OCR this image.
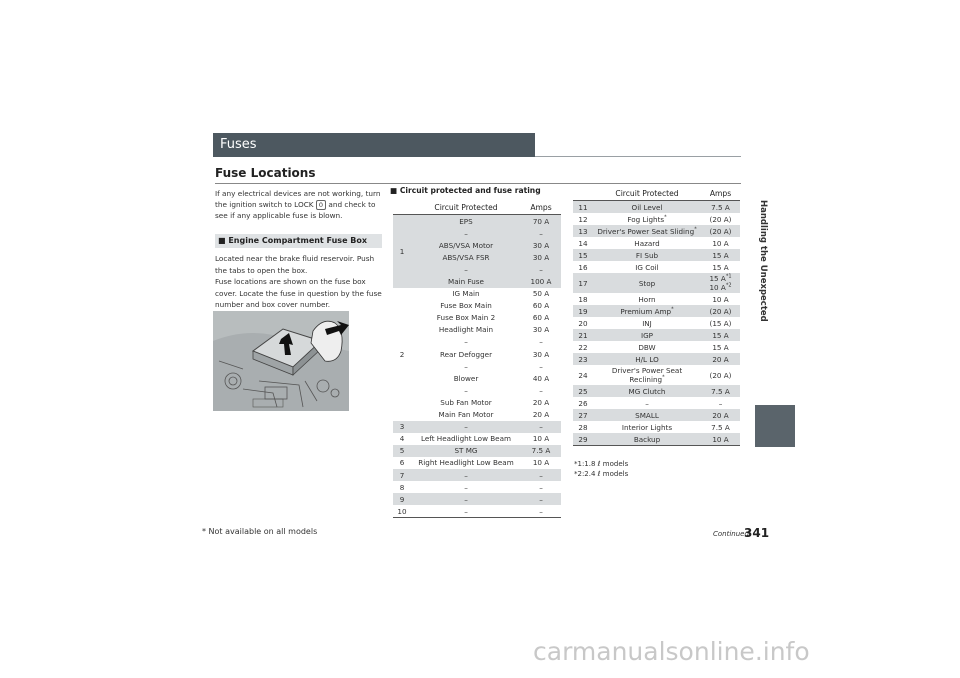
Fuses
Fuse Locations
If any electrical devices are not working, turn the ignition switch to LOCK 0 and check to see if any applicable fuse is blown.
■ Engine Compartment Fuse Box
Located near the brake fluid reservoir. Push the tabs to open the box.
Fuse locations are shown on the fuse box cover. Locate the fuse in question by the fuse number and box cover number.
■ Circuit protected and fuse rating
	Circuit Protected	Amps
1	EPS	70 A
	–	–
	ABS/VSA Motor	30 A
	ABS/VSA FSR	30 A
	–	–
	Main Fuse	100 A
2	IG Main	50 A
	Fuse Box Main	60 A
	Fuse Box Main 2	60 A
	Headlight Main	30 A
	–	–
	Rear Defogger	30 A
	–	–
	Blower	40 A
	–	–
	Sub Fan Motor	20 A
	Main Fan Motor	20 A
3	–	–
4	Left Headlight Low Beam	10 A
5	ST MG	7.5 A
6	Right Headlight Low Beam	10 A
7	–	–
8	–	–
9	–	–
10	–	–
	Circuit Protected	Amps
11	Oil Level	7.5 A
12	Fog Lights*	(20 A)
13	Driver's Power Seat Sliding*	(20 A)
14	Hazard	10 A
15	FI Sub	15 A
16	IG Coil	15 A
17	Stop	15 $A^{*1}$
10 $A^{*2}$
18	Horn	10 A
19	Premium Amp*	(20 A)
20	INJ	(15 A)
21	IGP	15 A
22	DBW	15 A
23	H/L LO	20 A
24	Driver's Power Seat
Reclining*	(20 A)
25	MG Clutch	7.5 A
26	–	–
27	SMALL	20 A
28	Interior Lights	7.5 A
29	Backup	10 A
*1:1.8 ℓ models
*2:2.4 ℓ models
Handling the Unexpected
Continued
341
* Not available on all models
carmanualsonline.info
